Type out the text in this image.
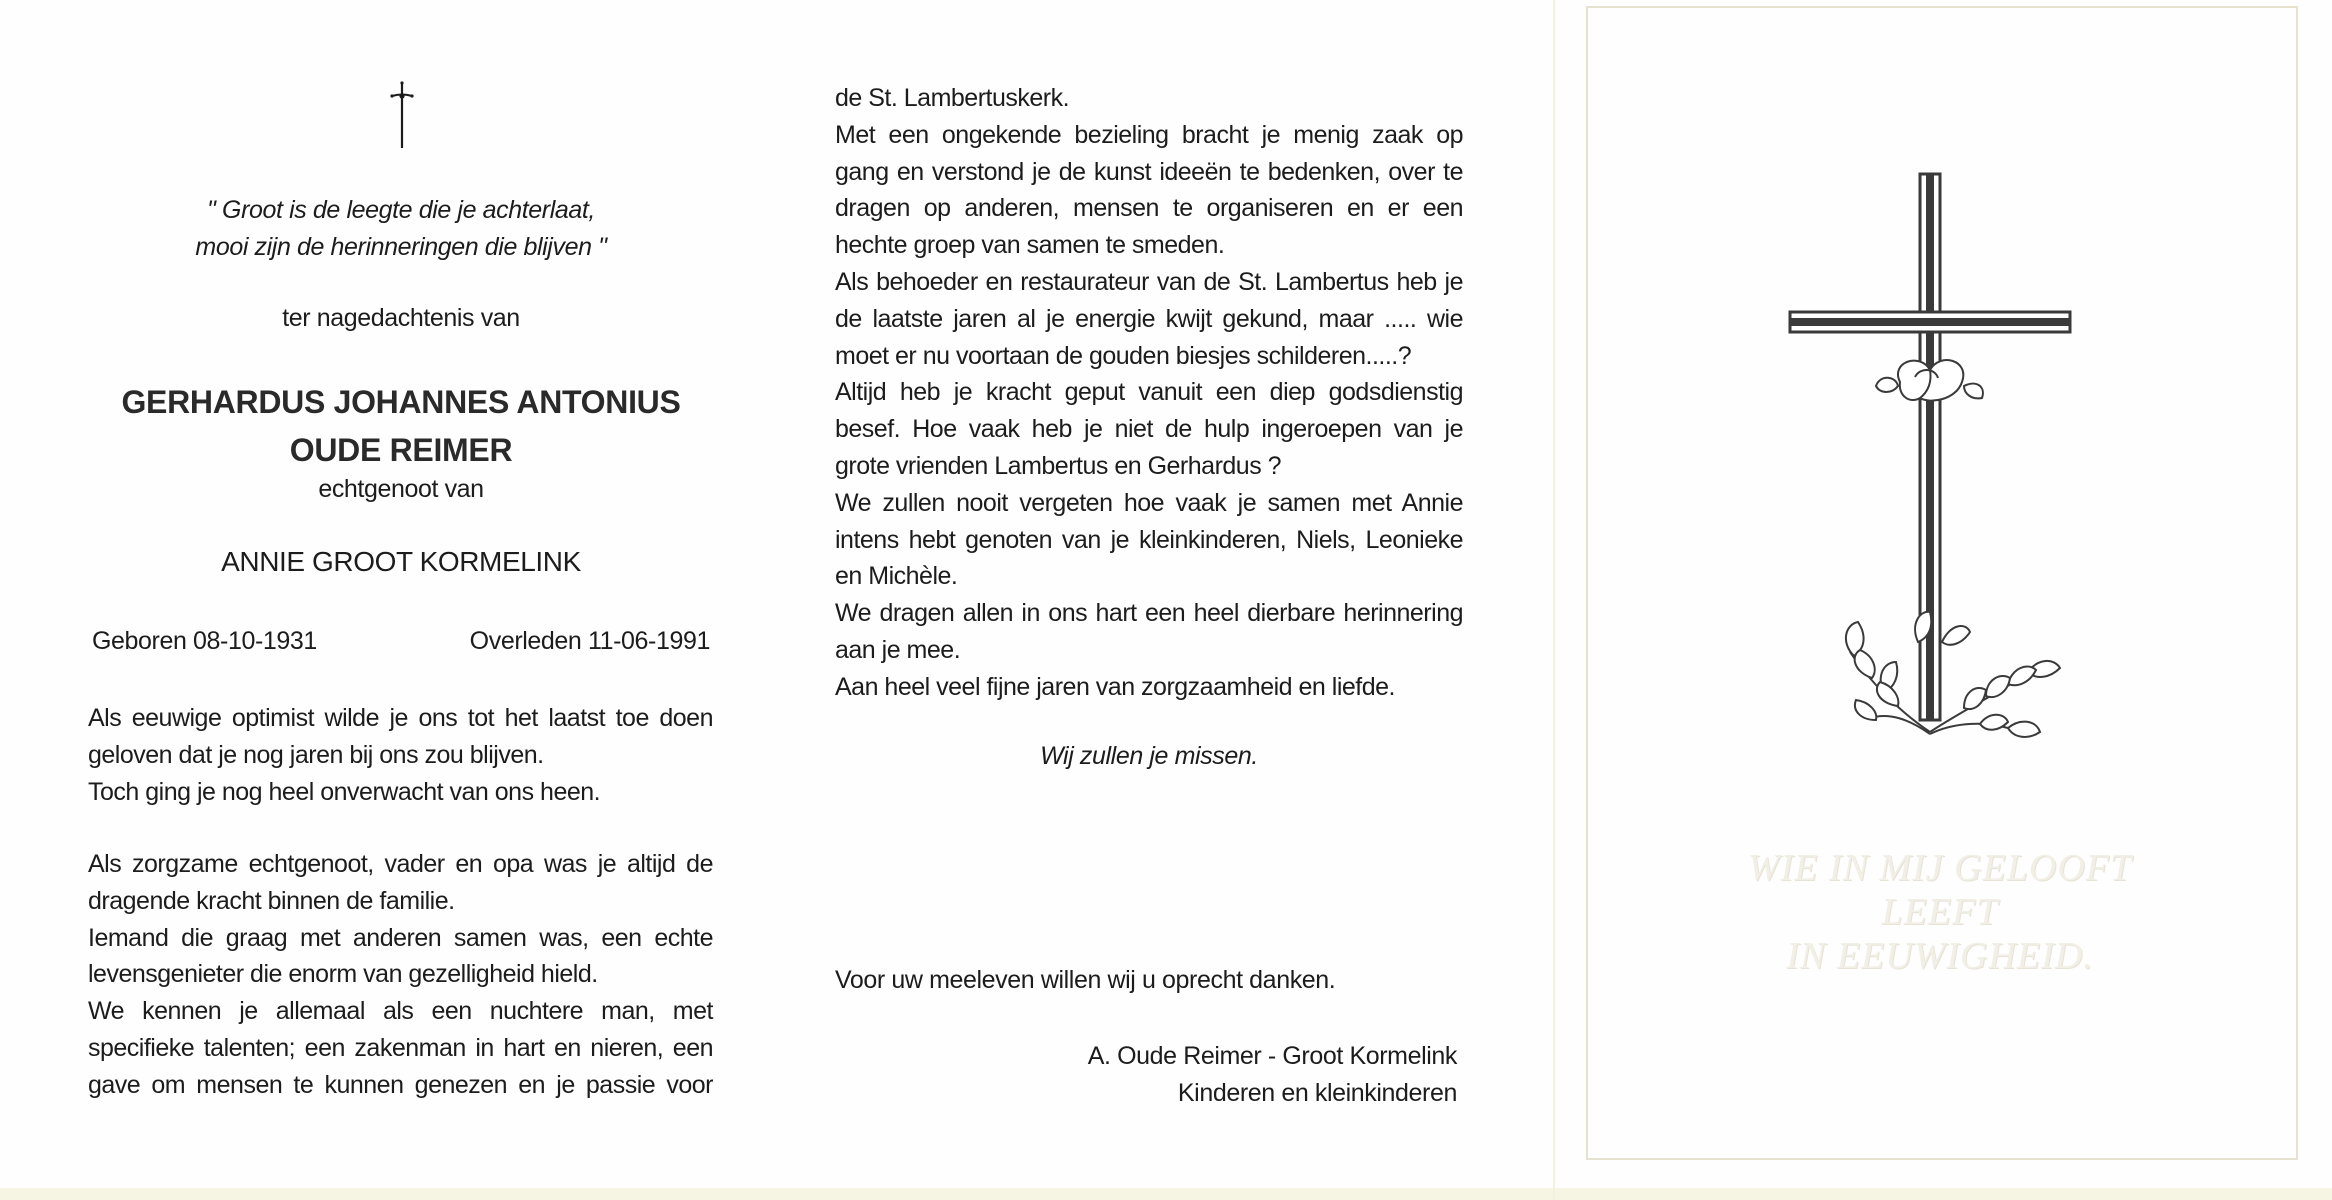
" Groot is de leegte die je achterlaat,
mooi zijn de herinneringen die blijven "
ter nagedachtenis van
GERHARDUS JOHANNES ANTONIUS
OUDE REIMER
echtgenoot van
ANNIE GROOT KORMELINK
Geboren 08-10-1931	Overleden 11-06-1991

Als eeuwige optimist wilde je ons tot het laatst toe doen geloven dat je nog jaren bij ons zou blijven.

Toch ging je nog heel onverwacht van ons heen.

Als zorgzame echtgenoot, vader en opa was je altijd de dragende kracht binnen de familie.

Iemand die graag met anderen samen was, een echte levensgenieter die enorm van gezelligheid hield.

We kennen je allemaal als een nuchtere man, met specifieke talenten; een zakenman in hart en nieren, een gave om mensen te kunnen genezen en je passie voor

de St. Lambertuskerk.

Met een ongekende bezieling bracht je menig zaak op gang en verstond je de kunst ideeën te bedenken, over te dragen op anderen, mensen te organiseren en er een hechte groep van samen te smeden.

Als behoeder en restaurateur van de St. Lambertus heb je de laatste jaren al je energie kwijt gekund, maar ..... wie moet er nu voortaan de gouden biesjes schilderen.....?

Altijd heb je kracht geput vanuit een diep godsdienstig besef. Hoe vaak heb je niet de hulp ingeroepen van je grote vrienden Lambertus en Gerhardus ?

We zullen nooit vergeten hoe vaak je samen met Annie intens hebt genoten van je kleinkinderen, Niels, Leonieke en Michèle.

We dragen allen in ons hart een heel dierbare herinnering aan je mee.

Aan heel veel fijne jaren van zorgzaamheid en liefde.

Wij zullen je missen.
Voor uw meeleven willen wij u oprecht danken.
A. Oude Reimer - Groot Kormelink
Kinderen en kleinkinderen
WIE IN MIJ GELOOFT
LEEFT
IN EEUWIGHEID.
